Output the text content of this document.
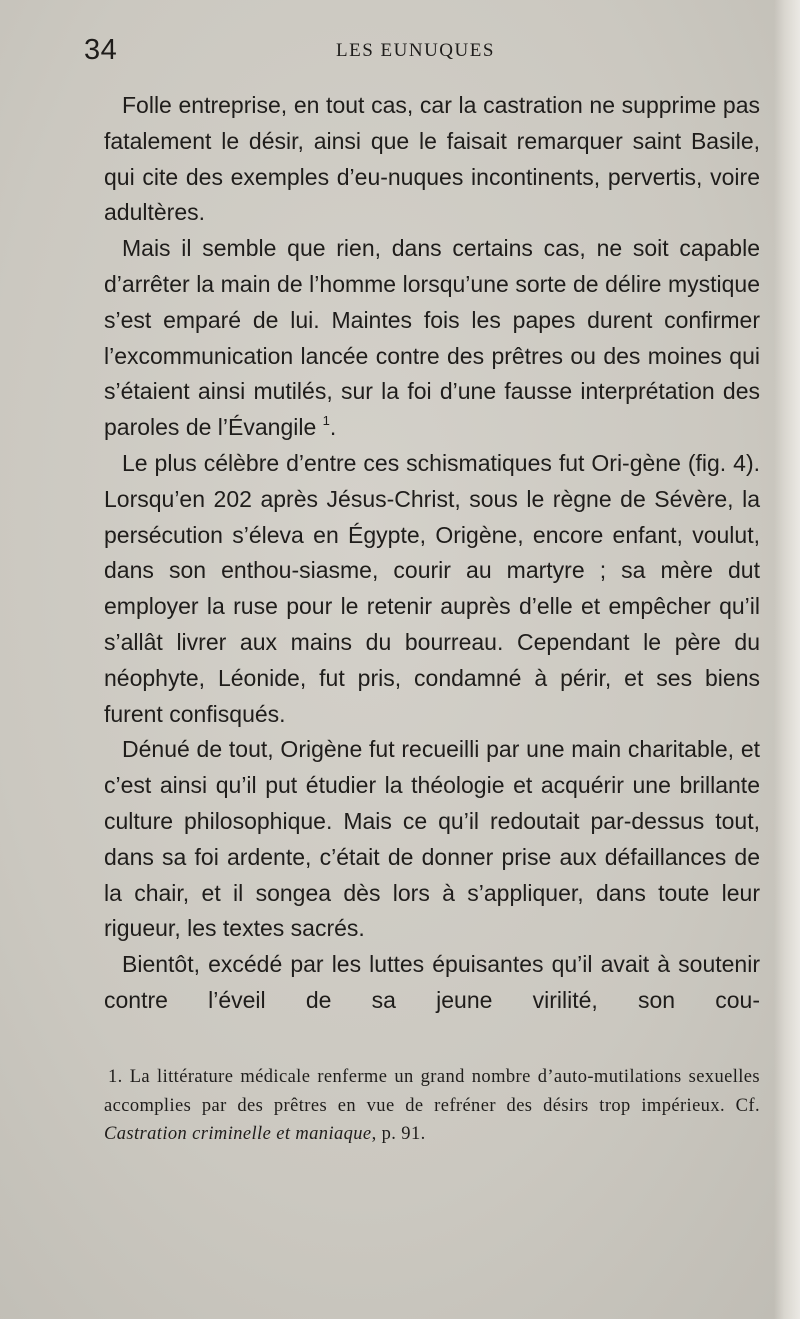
34	LES EUNUQUES

Folle entreprise, en tout cas, car la castration ne supprime pas fatalement le désir, ainsi que le faisait remarquer saint Basile, qui cite des exemples d’eu-nuques incontinents, pervertis, voire adultères.

Mais il semble que rien, dans certains cas, ne soit capable d’arrêter la main de l’homme lorsqu’une sorte de délire mystique s’est emparé de lui. Maintes fois les papes durent confirmer l’excommunication lancée contre des prêtres ou des moines qui s’étaient ainsi mutilés, sur la foi d’une fausse interprétation des paroles de l’Évangile $^1$.

Le plus célèbre d’entre ces schismatiques fut Ori-gène (fig. 4). Lorsqu’en 202 après Jésus-Christ, sous le règne de Sévère, la persécution s’éleva en Égypte, Origène, encore enfant, voulut, dans son enthou-siasme, courir au martyre ; sa mère dut employer la ruse pour le retenir auprès d’elle et empêcher qu’il s’allât livrer aux mains du bourreau. Cependant le père du néophyte, Léonide, fut pris, condamné à périr, et ses biens furent confisqués.

Dénué de tout, Origène fut recueilli par une main charitable, et c’est ainsi qu’il put étudier la théologie et acquérir une brillante culture philosophique. Mais ce qu’il redoutait par-dessus tout, dans sa foi ardente, c’était de donner prise aux défaillances de la chair, et il songea dès lors à s’appliquer, dans toute leur rigueur, les textes sacrés.

Bientôt, excédé par les luttes épuisantes qu’il avait à soutenir contre l’éveil de sa jeune virilité, son cou-

1. La littérature médicale renferme un grand nombre d’auto-mutilations sexuelles accomplies par des prêtres en vue de refréner des désirs trop impérieux. Cf. Castration criminelle et maniaque, p. 91.
